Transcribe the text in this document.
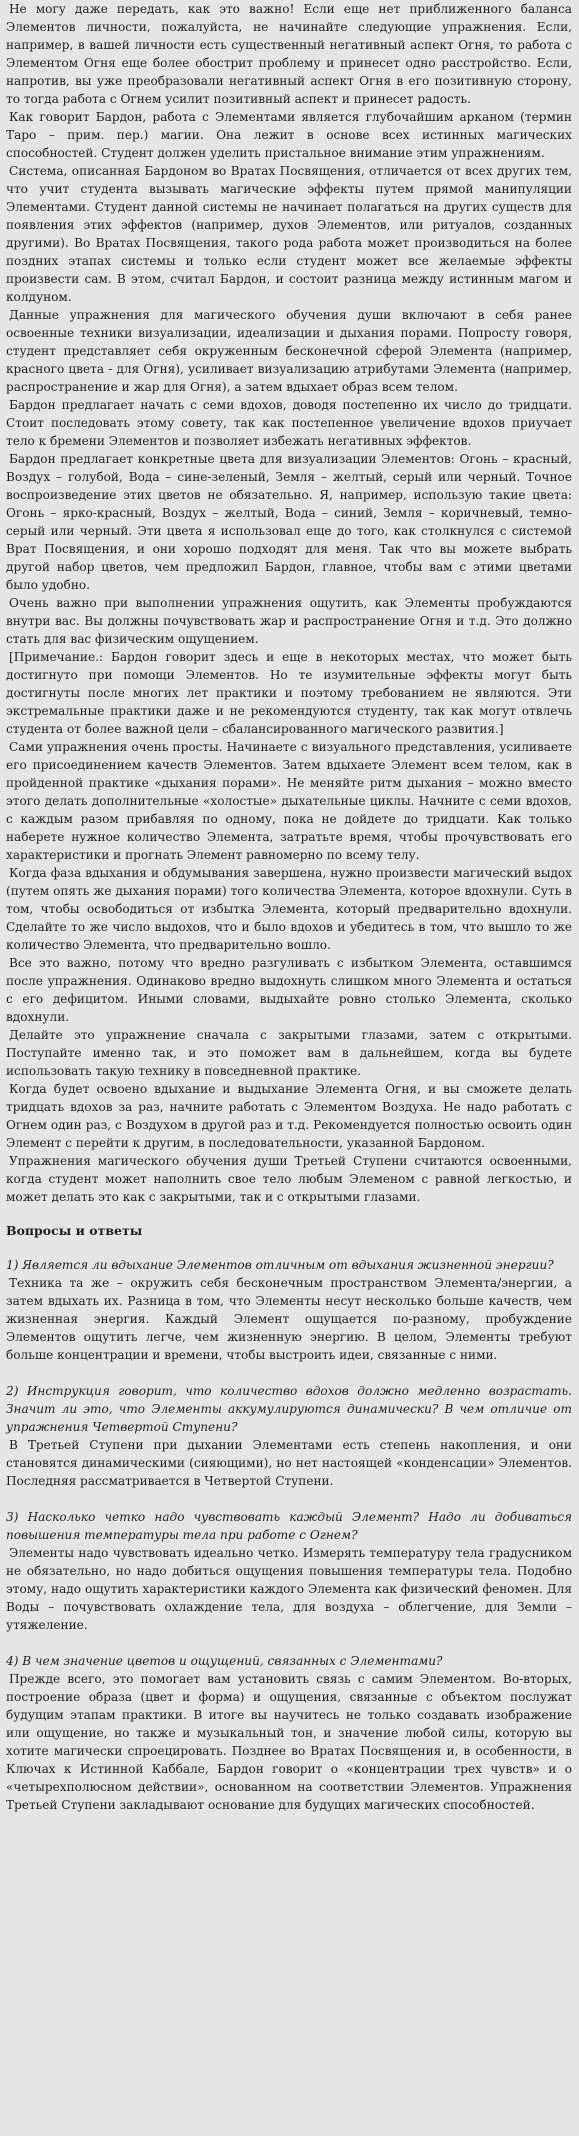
Не могу даже передать, как это важно! Если еще нет приближенного баланса Элементов личности, пожалуйста, не начинайте следующие упражнения. Если, например, в вашей личности есть существенный негативный аспект Огня, то работа с Элементом Огня еще более обострит проблему и принесет одно расстройство. Если, напротив, вы уже преобразовали негативный аспект Огня в его позитивную сторону, то тогда работа с Огнем усилит позитивный аспект и принесет радость.

Как говорит Бардон, работа с Элементами является глубочайшим арканом (термин Таро – прим. пер.) магии. Она лежит в основе всех истинных магических способностей. Студент должен уделить пристальное внимание этим упражнениям.

Система, описанная Бардоном во Вратах Посвящения, отличается от всех других тем, что учит студента вызывать магические эффекты путем прямой манипуляции Элементами. Студент данной системы не начинает полагаться на других существ для появления этих эффектов (например, духов Элементов, или ритуалов, созданных другими). Во Вратах Посвящения, такого рода работа может производиться на более поздних этапах системы и только если студент может все желаемые эффекты произвести сам. В этом, считал Бардон, и состоит разница между истинным магом и колдуном.

Данные упражнения для магического обучения души включают в себя ранее освоенные техники визуализации, идеализации и дыхания порами. Попросту говоря, студент представляет себя окруженным бесконечной сферой Элемента (например, красного цвета - для Огня), усиливает визуализацию атрибутами Элемента (например, распространение и жар для Огня), а затем вдыхает образ всем телом.

Бардон предлагает начать с семи вдохов, доводя постепенно их число до тридцати. Стоит последовать этому совету, так как постепенное увеличение вдохов приучает тело к бремени Элементов и позволяет избежать негативных эффектов.

Бардон предлагает конкретные цвета для визуализации Элементов: Огонь – красный, Воздух – голубой, Вода – сине-зеленый, Земля – желтый, серый или черный. Точное воспроизведение этих цветов не обязательно. Я, например, использую такие цвета: Огонь – ярко-красный, Воздух – желтый, Вода – синий, Земля – коричневый, темно-серый или черный. Эти цвета я использовал еще до того, как столкнулся с системой Врат Посвящения, и они хорошо подходят для меня. Так что вы можете выбрать другой набор цветов, чем предложил Бардон, главное, чтобы вам с этими цветами было удобно.

Очень важно при выполнении упражнения ощутить, как Элементы пробуждаются внутри вас. Вы должны почувствовать жар и распространение Огня и т.д. Это должно стать для вас физическим ощущением.

[Примечание.: Бардон говорит здесь и еще в некоторых местах, что может быть достигнуто при помощи Элементов. Но те изумительные эффекты могут быть достигнуты после многих лет практики и поэтому требованием не являются. Эти экстремальные практики даже и не рекомендуются студенту, так как могут отвлечь студента от более важной цели – сбалансированного магического развития.]

Сами упражнения очень просты. Начинаете с визуального представления, усиливаете его присоединением качеств Элементов. Затем вдыхаете Элемент всем телом, как в пройденной практике «дыхания порами». Не меняйте ритм дыхания – можно вместо этого делать дополнительные «холостые» дыхательные циклы. Начните с семи вдохов, с каждым разом прибавляя по одному, пока не дойдете до тридцати. Как только наберете нужное количество Элемента, затратьте время, чтобы прочувствовать его характеристики и прогнать Элемент равномерно по всему телу.

Когда фаза вдыхания и обдумывания завершена, нужно произвести магический выдох (путем опять же дыхания порами) того количества Элемента, которое вдохнули. Суть в том, чтобы освободиться от избытка Элемента, который предварительно вдохнули. Сделайте то же число выдохов, что и было вдохов и убедитесь в том, что вышло то же количество Элемента, что предварительно вошло.

Все это важно, потому что вредно разгуливать с избытком Элемента, оставшимся после упражнения. Одинаково вредно выдохнуть слишком много Элемента и остаться с его дефицитом. Иными словами, выдыхайте ровно столько Элемента, сколько вдохнули.

Делайте это упражнение сначала с закрытыми глазами, затем с открытыми. Поступайте именно так, и это поможет вам в дальнейшем, когда вы будете использовать такую технику в повседневной практике.

Когда будет освоено вдыхание и выдыхание Элемента Огня, и вы сможете делать тридцать вдохов за раз, начните работать с Элементом Воздуха. Не надо работать с Огнем один раз, с Воздухом в другой раз и т.д. Рекомендуется полностью освоить один Элемент с перейти к другим, в последовательности, указанной Бардоном.

Упражнения магического обучения души Третьей Ступени считаются освоенными, когда студент может наполнить свое тело любым Элеменом с равной легкостью, и может делать это как с закрытыми, так и с открытыми глазами.

Вопросы и ответы

1) Является ли вдыхание Элементов отличным от вдыхания жизненной энергии?

Техника та же – окружить себя бесконечным пространством Элемента/энергии, а затем вдыхать их. Разница в том, что Элементы несут несколько больше качеств, чем жизненная энергия. Каждый Элемент ощущается по-разному, пробуждение Элементов ощутить легче, чем жизненную энергию. В целом, Элементы требуют больше концентрации и времени, чтобы выстроить идеи, связанные с ними.

2) Инструкция говорит, что количество вдохов должно медленно возрастать. Значит ли это, что Элементы аккумулируются динамически? В чем отличие от упражнения Четвертой Ступени?

В Третьей Ступени при дыхании Элементами есть степень накопления, и они становятся динамическими (сияющими), но нет настоящей «конденсации» Элементов. Последняя рассматривается в Четвертой Ступени.

3) Насколько четко надо чувствовать каждый Элемент? Надо ли добиваться повышения температуры тела при работе с Огнем?

Элементы надо чувствовать идеально четко. Измерять температуру тела градусником не обязательно, но надо добиться ощущения повышения температуры тела. Подобно этому, надо ощутить характеристики каждого Элемента как физический феномен. Для Воды – почувствовать охлаждение тела, для воздуха – облегчение, для Земли – утяжеление.

4) В чем значение цветов и ощущений, связанных с Элементами?

Прежде всего, это помогает вам установить связь с самим Элементом. Во-вторых, построение образа (цвет и форма) и ощущения, связанные с объектом послужат будущим этапам практики. В итоге вы научитесь не только создавать изображение или ощущение, но также и музыкальный тон, и значение любой силы, которую вы хотите магически спроецировать. Позднее во Вратах Посвящения и, в особенности, в Ключах к Истинной Каббале, Бардон говорит о «концентрации трех чувств» и о «четырехполюсном действии», основанном на соответствии Элементов. Упражнения Третьей Ступени закладывают основание для будущих магических способностей.
